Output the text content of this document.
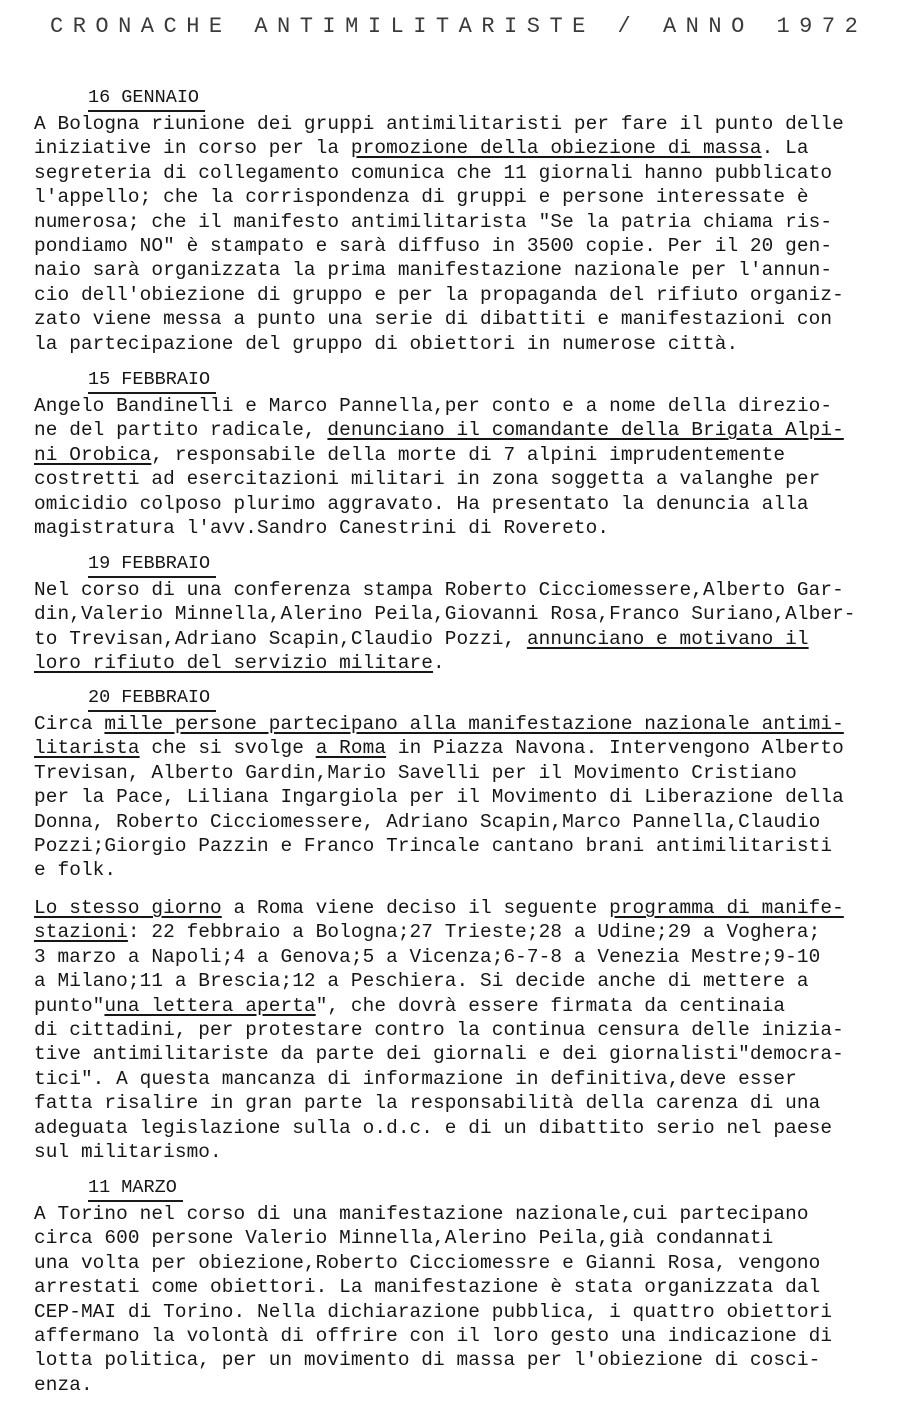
CRONACHE ANTIMILITARISTE / ANNO 1972
16 GENNAIO
A Bologna riunione dei gruppi antimilitaristi per fare il punto delle
iniziative in corso per la promozione della obiezione di massa. La
segreteria di collegamento comunica che 11 giornali hanno pubblicato
l'appello; che la corrispondenza di gruppi e persone interessate è
numerosa; che il manifesto antimilitarista "Se la patria chiama ris-
pondiamo NO" è stampato e sarà diffuso in 3500 copie. Per il 20 gen-
naio sarà organizzata la prima manifestazione nazionale per l'annun-
cio dell'obiezione di gruppo e per la propaganda del rifiuto organiz-
zato viene messa a punto una serie di dibattiti e manifestazioni con
la partecipazione del gruppo di obiettori in numerose città.
15 FEBBRAIO
Angelo Bandinelli e Marco Pannella,per conto e a nome della direzio-
ne del partito radicale, denunciano il comandante della Brigata Alpi-
ni Orobica, responsabile della morte di 7 alpini imprudentemente
costretti ad esercitazioni militari in zona soggetta a valanghe per
omicidio colposo plurimo aggravato. Ha presentato la denuncia alla
magistratura l'avv.Sandro Canestrini di Rovereto.
19 FEBBRAIO
Nel corso di una conferenza stampa Roberto Cicciomessere,Alberto Gar-
din,Valerio Minnella,Alerino Peila,Giovanni Rosa,Franco Suriano,Alber-
to Trevisan,Adriano Scapin,Claudio Pozzi, annunciano e motivano il
loro rifiuto del servizio militare.
20 FEBBRAIO
Circa mille persone partecipano alla manifestazione nazionale antimi-
litarista che si svolge a Roma in Piazza Navona. Intervengono Alberto
Trevisan, Alberto Gardin,Mario Savelli per il Movimento Cristiano
per la Pace, Liliana Ingargiola per il Movimento di Liberazione della
Donna, Roberto Cicciomessere, Adriano Scapin,Marco Pannella,Claudio
Pozzi;Giorgio Pazzin e Franco Trincale cantano brani antimilitaristi
e folk.
Lo stesso giorno a Roma viene deciso il seguente programma di manife-
stazioni: 22 febbraio a Bologna;27 Trieste;28 a Udine;29 a Voghera;
3 marzo a Napoli;4 a Genova;5 a Vicenza;6-7-8 a Venezia Mestre;9-10
a Milano;11 a Brescia;12 a Peschiera. Si decide anche di mettere a
punto"una lettera aperta", che dovrà essere firmata da centinaia
di cittadini, per protestare contro la continua censura delle inizia-
tive antimilitariste da parte dei giornali e dei giornalisti"democra-
tici". A questa mancanza di informazione in definitiva,deve esser
fatta risalire in gran parte la responsabilità della carenza di una
adeguata legislazione sulla o.d.c. e di un dibattito serio nel paese
sul militarismo.
11 MARZO
A Torino nel corso di una manifestazione nazionale,cui partecipano
circa 600 persone Valerio Minnella,Alerino Peila,già condannati
una volta per obiezione,Roberto Cicciomessre e Gianni Rosa, vengono
arrestati come obiettori. La manifestazione è stata organizzata dal
CEP-MAI di Torino. Nella dichiarazione pubblica, i quattro obiettori
affermano la volontà di offrire con il loro gesto una indicazione di
lotta politica, per un movimento di massa per l'obiezione di cosci-
enza.
